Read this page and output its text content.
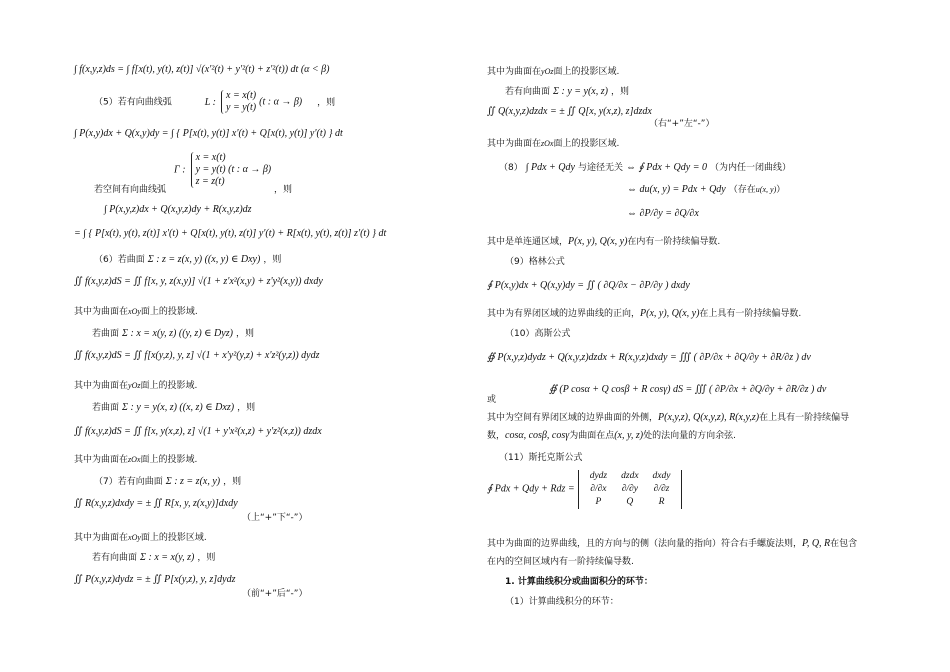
∫ f(x,y,z)ds = ∫ f[x(t), y(t), z(t)] √(x'²(t) + y'²(t) + z'²(t)) dt (α < β)
（5）若有向曲线弧	L : x = x(t)
y = y(t) (t : α → β) ，则
∫ P(x,y)dx + Q(x,y)dy = ∫ { P[x(t), y(t)] x'(t) + Q[x(t), y(t)] y'(t) } dt
Γ : x = x(t)
y = y(t) (t : α → β)
z = z(t)
若空间有向曲线弧	，则
∫ P(x,y,z)dx + Q(x,y,z)dy + R(x,y,z)dz
= ∫ { P[x(t), y(t), z(t)] x'(t) + Q[x(t), y(t), z(t)] y'(t) + R[x(t), y(t), z(t)] z'(t) } dt
（6）若曲面 Σ : z = z(x, y) ((x, y) ∈ Dxy) ，则
∬ f(x,y,z)dS = ∬ f[x, y, z(x,y)] √(1 + z'x²(x,y) + z'y²(x,y)) dxdy
其中为曲面在xOy面上的投影域.
若曲面 Σ : x = x(y, z) ((y, z) ∈ Dyz) ，则
∬ f(x,y,z)dS = ∬ f[x(y,z), y, z] √(1 + x'y²(y,z) + x'z²(y,z)) dydz
其中为曲面在yOz面上的投影域.
若曲面 Σ : y = y(x, z) ((x, z) ∈ Dxz) ，则
∬ f(x,y,z)dS = ∬ f[x, y(x,z), z] √(1 + y'x²(x,z) + y'z²(x,z)) dzdx
其中为曲面在zOx面上的投影域.
（7）若有向曲面 Σ : z = z(x, y) ，则
∬ R(x,y,z)dxdy = ± ∬ R[x, y, z(x,y)]dxdy
（上“+”下“-”）
其中为曲面在xOy面上的投影区域.
若有向曲面 Σ : x = x(y, z) ，则
∬ P(x,y,z)dydz = ± ∬ P[x(y,z), y, z]dydz
（前“+”后“-”）
其中为曲面在yOz面上的投影区域.
若有向曲面 Σ : y = y(x, z) ，则
∬ Q(x,y,z)dzdx = ± ∬ Q[x, y(x,z), z]dzdx
（右“+”左“-”）
其中为曲面在zOx面上的投影区域.
（8） ∫ Pdx + Qdy 与途径无关 ⇔ ∮ Pdx + Qdy = 0 （为内任一闭曲线）
⇔ du(x, y) = Pdx + Qdy （存在u(x, y)）
⇔ ∂P/∂y = ∂Q/∂x
其中是单连通区域，P(x, y), Q(x, y)在内有一阶持续偏导数.
（9）格林公式
∮ P(x,y)dx + Q(x,y)dy = ∬ ( ∂Q/∂x − ∂P/∂y ) dxdy
其中为有界闭区域的边界曲线的正向，P(x, y), Q(x, y)在上具有一阶持续偏导数.
（10）高斯公式
∯ P(x,y,z)dydz + Q(x,y,z)dzdx + R(x,y,z)dxdy = ∭ ( ∂P/∂x + ∂Q/∂y + ∂R/∂z ) dv
或
∯ (P cosα + Q cosβ + R cosγ) dS = ∭ ( ∂P/∂x + ∂Q/∂y + ∂R/∂z ) dv
其中为空间有界闭区域的边界曲面的外侧，P(x,y,z), Q(x,y,z), R(x,y,z)在上具有一阶持续偏导
数，cosα, cosβ, cosγ为曲面在点(x, y, z)处的法向量的方向余弦.
（11）斯托克斯公式
∮ Pdx + Qdy + Rdz =
dydz	dzdx	dxdy
∂/∂x	∂/∂y	∂/∂z
P	Q	R
其中为曲面的边界曲线，且的方向与的侧（法向量的指向）符合右手螺旋法则，P, Q, R在包含
在内的空间区域内有一阶持续偏导数.
1. 计算曲线积分或曲面积分的环节：
（1）计算曲线积分的环节：
